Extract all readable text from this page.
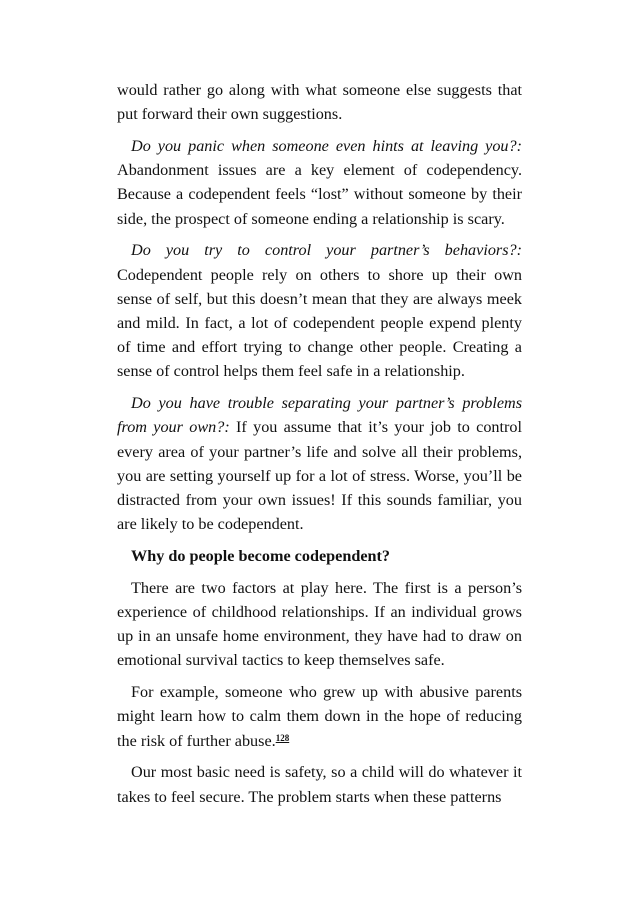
would rather go along with what someone else suggests that put forward their own suggestions.

Do you panic when someone even hints at leaving you?: Abandonment issues are a key element of codependency. Because a codependent feels “lost” without someone by their side, the prospect of someone ending a relationship is scary.

Do you try to control your partner’s behaviors?: Codependent people rely on others to shore up their own sense of self, but this doesn’t mean that they are always meek and mild. In fact, a lot of codependent people expend plenty of time and effort trying to change other people. Creating a sense of control helps them feel safe in a relationship.

Do you have trouble separating your partner’s problems from your own?: If you assume that it’s your job to control every area of your partner’s life and solve all their problems, you are setting yourself up for a lot of stress. Worse, you’ll be distracted from your own issues! If this sounds familiar, you are likely to be codependent.

Why do people become codependent?

There are two factors at play here. The first is a person’s experience of childhood relationships. If an individual grows up in an unsafe home environment, they have had to draw on emotional survival tactics to keep themselves safe.

For example, someone who grew up with abusive parents might learn how to calm them down in the hope of reducing the risk of further abuse.$^{128}$

Our most basic need is safety, so a child will do whatever it takes to feel secure. The problem starts when these patterns
